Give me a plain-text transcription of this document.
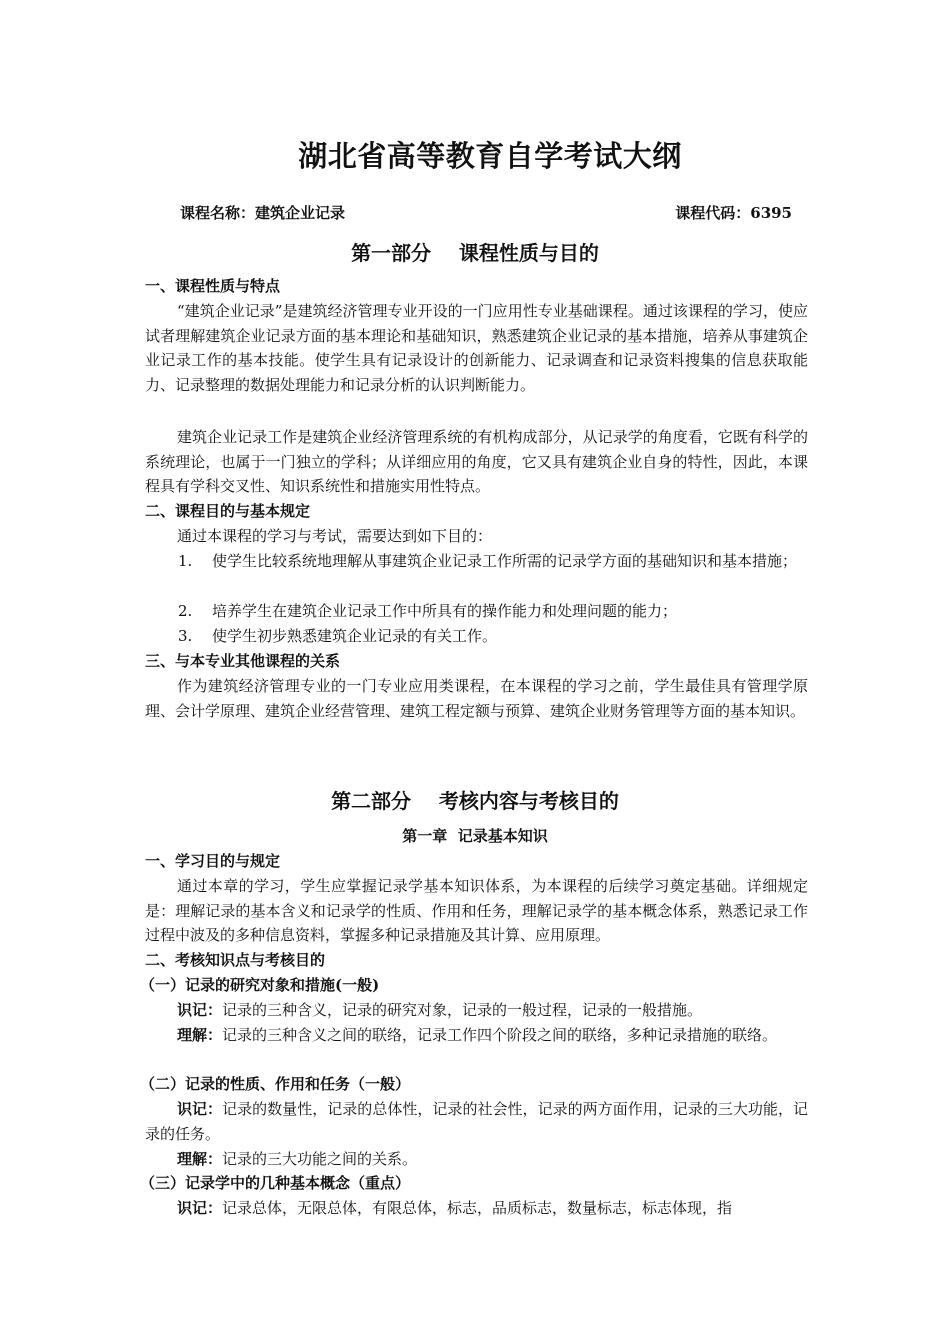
湖北省高等教育自学考试大纲
课程名称：建筑企业记录	课程代码：6395
第一部分    课程性质与目的
一、课程性质与特点
“建筑企业记录”是建筑经济管理专业开设的一门应用性专业基础课程。通过该课程的学习，使应试者理解建筑企业记录方面的基本理论和基础知识，熟悉建筑企业记录的基本措施，培养从事建筑企业记录工作的基本技能。使学生具有记录设计的创新能力、记录调查和记录资料搜集的信息获取能力、记录整理的数据处理能力和记录分析的认识判断能力。
建筑企业记录工作是建筑企业经济管理系统的有机构成部分，从记录学的角度看，它既有科学的系统理论，也属于一门独立的学科；从详细应用的角度，它又具有建筑企业自身的特性，因此，本课程具有学科交叉性、知识系统性和措施实用性特点。
二、课程目的与基本规定
通过本课程的学习与考试，需要达到如下目的：
1.	使学生比较系统地理解从事建筑企业记录工作所需的记录学方面的基础知识和基本措施；
2.	培养学生在建筑企业记录工作中所具有的操作能力和处理问题的能力；
3.	使学生初步熟悉建筑企业记录的有关工作。
三、与本专业其他课程的关系
作为建筑经济管理专业的一门专业应用类课程，在本课程的学习之前，学生最佳具有管理学原理、会计学原理、建筑企业经营管理、建筑工程定额与预算、建筑企业财务管理等方面的基本知识。
第二部分    考核内容与考核目的
第一章  记录基本知识
一、学习目的与规定
通过本章的学习，学生应掌握记录学基本知识体系，为本课程的后续学习奠定基础。详细规定是：理解记录的基本含义和记录学的性质、作用和任务，理解记录学的基本概念体系，熟悉记录工作过程中波及的多种信息资料，掌握多种记录措施及其计算、应用原理。
二、考核知识点与考核目的
（一）记录的研究对象和措施(一般)
识记：记录的三种含义，记录的研究对象，记录的一般过程，记录的一般措施。
理解：记录的三种含义之间的联络，记录工作四个阶段之间的联络，多种记录措施的联络。
（二）记录的性质、作用和任务（一般）
识记：记录的数量性，记录的总体性，记录的社会性，记录的两方面作用，记录的三大功能，记录的任务。
理解：记录的三大功能之间的关系。
（三）记录学中的几种基本概念（重点）
识记：记录总体，无限总体，有限总体，标志，品质标志，数量标志，标志体现，指
